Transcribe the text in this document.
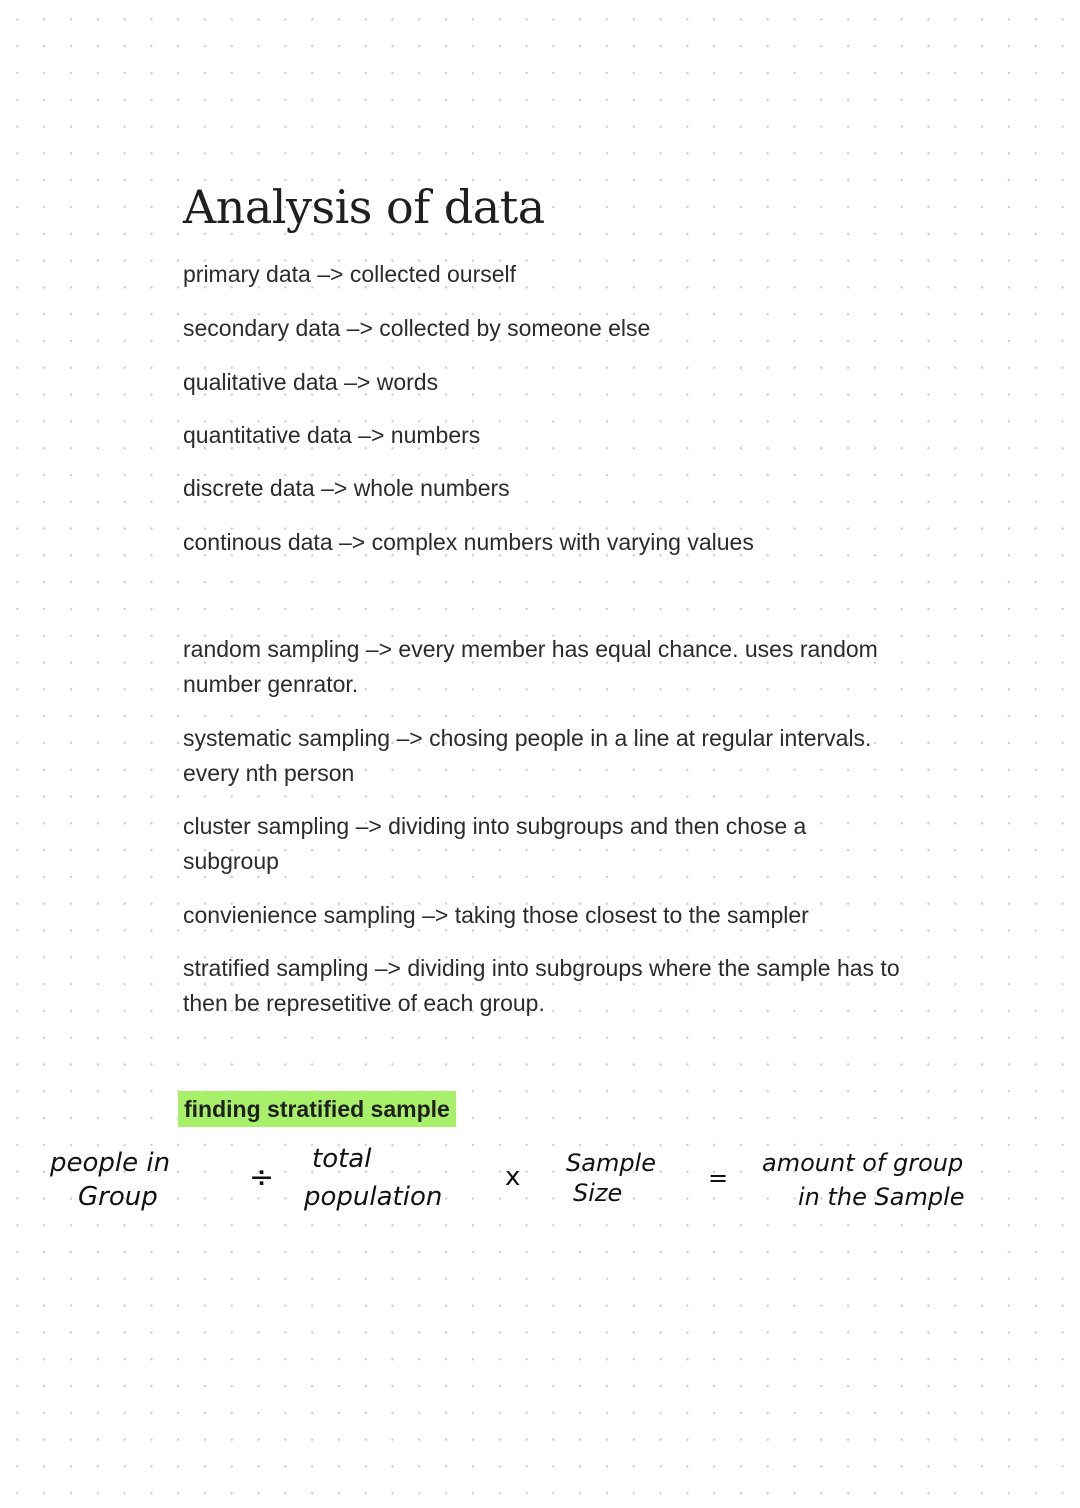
Analysis of data
primary data –> collected ourself
secondary data –> collected by someone else
qualitative data –> words
quantitative data –> numbers
discrete data –> whole numbers
continous data –> complex numbers with varying values
random sampling –> every member has equal chance. uses random number genrator.
systematic sampling –> chosing people in a line at regular intervals. every nth person
cluster sampling –> dividing into subgroups and then chose a subgroup
convienience sampling –> taking those closest to the sampler
stratified sampling –> dividing into subgroups where the sample has to then be represetitive of each group.
finding stratified sample
people in
Group
÷
total
population
x Sample
Size
=
amount of group
in the Sample
